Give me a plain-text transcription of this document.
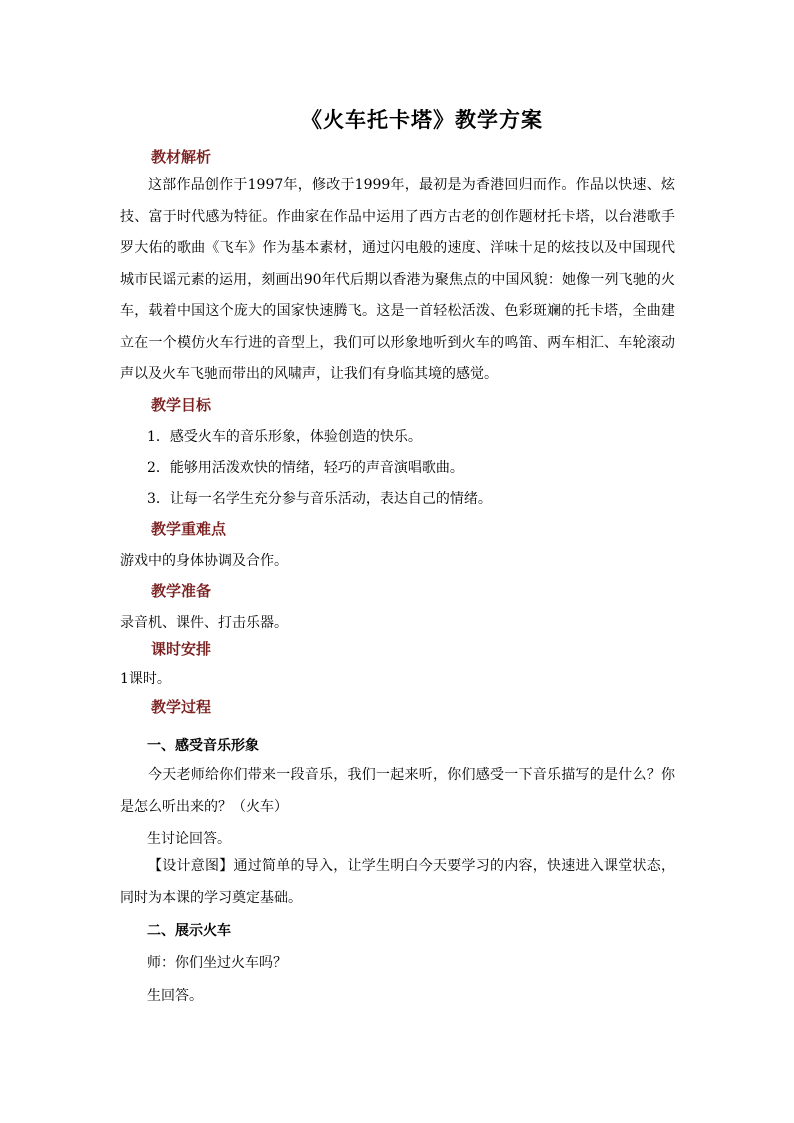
《火车托卡塔》教学方案
教材解析
这部作品创作于1997年，修改于1999年，最初是为香港回归而作。作品以快速、炫技、富于时代感为特征。作曲家在作品中运用了西方古老的创作题材托卡塔，以台港歌手罗大佑的歌曲《飞车》作为基本素材，通过闪电般的速度、洋味十足的炫技以及中国现代城市民谣元素的运用，刻画出90年代后期以香港为聚焦点的中国风貌：她像一列飞驰的火车，载着中国这个庞大的国家快速腾飞。这是一首轻松活泼、色彩斑斓的托卡塔，全曲建立在一个模仿火车行进的音型上，我们可以形象地听到火车的鸣笛、两车相汇、车轮滚动声以及火车飞驰而带出的风啸声，让我们有身临其境的感觉。
教学目标
1．感受火车的音乐形象，体验创造的快乐。
2．能够用活泼欢快的情绪，轻巧的声音演唱歌曲。
3．让每一名学生充分参与音乐活动，表达自己的情绪。
教学重难点
游戏中的身体协调及合作。
教学准备
录音机、课件、打击乐器。
课时安排
1课时。
教学过程
一、感受音乐形象
今天老师给你们带来一段音乐，我们一起来听，你们感受一下音乐描写的是什么？你是怎么听出来的？（火车）
生讨论回答。
【设计意图】通过简单的导入，让学生明白今天要学习的内容，快速进入课堂状态，同时为本课的学习奠定基础。
二、展示火车
师：你们坐过火车吗？
生回答。
